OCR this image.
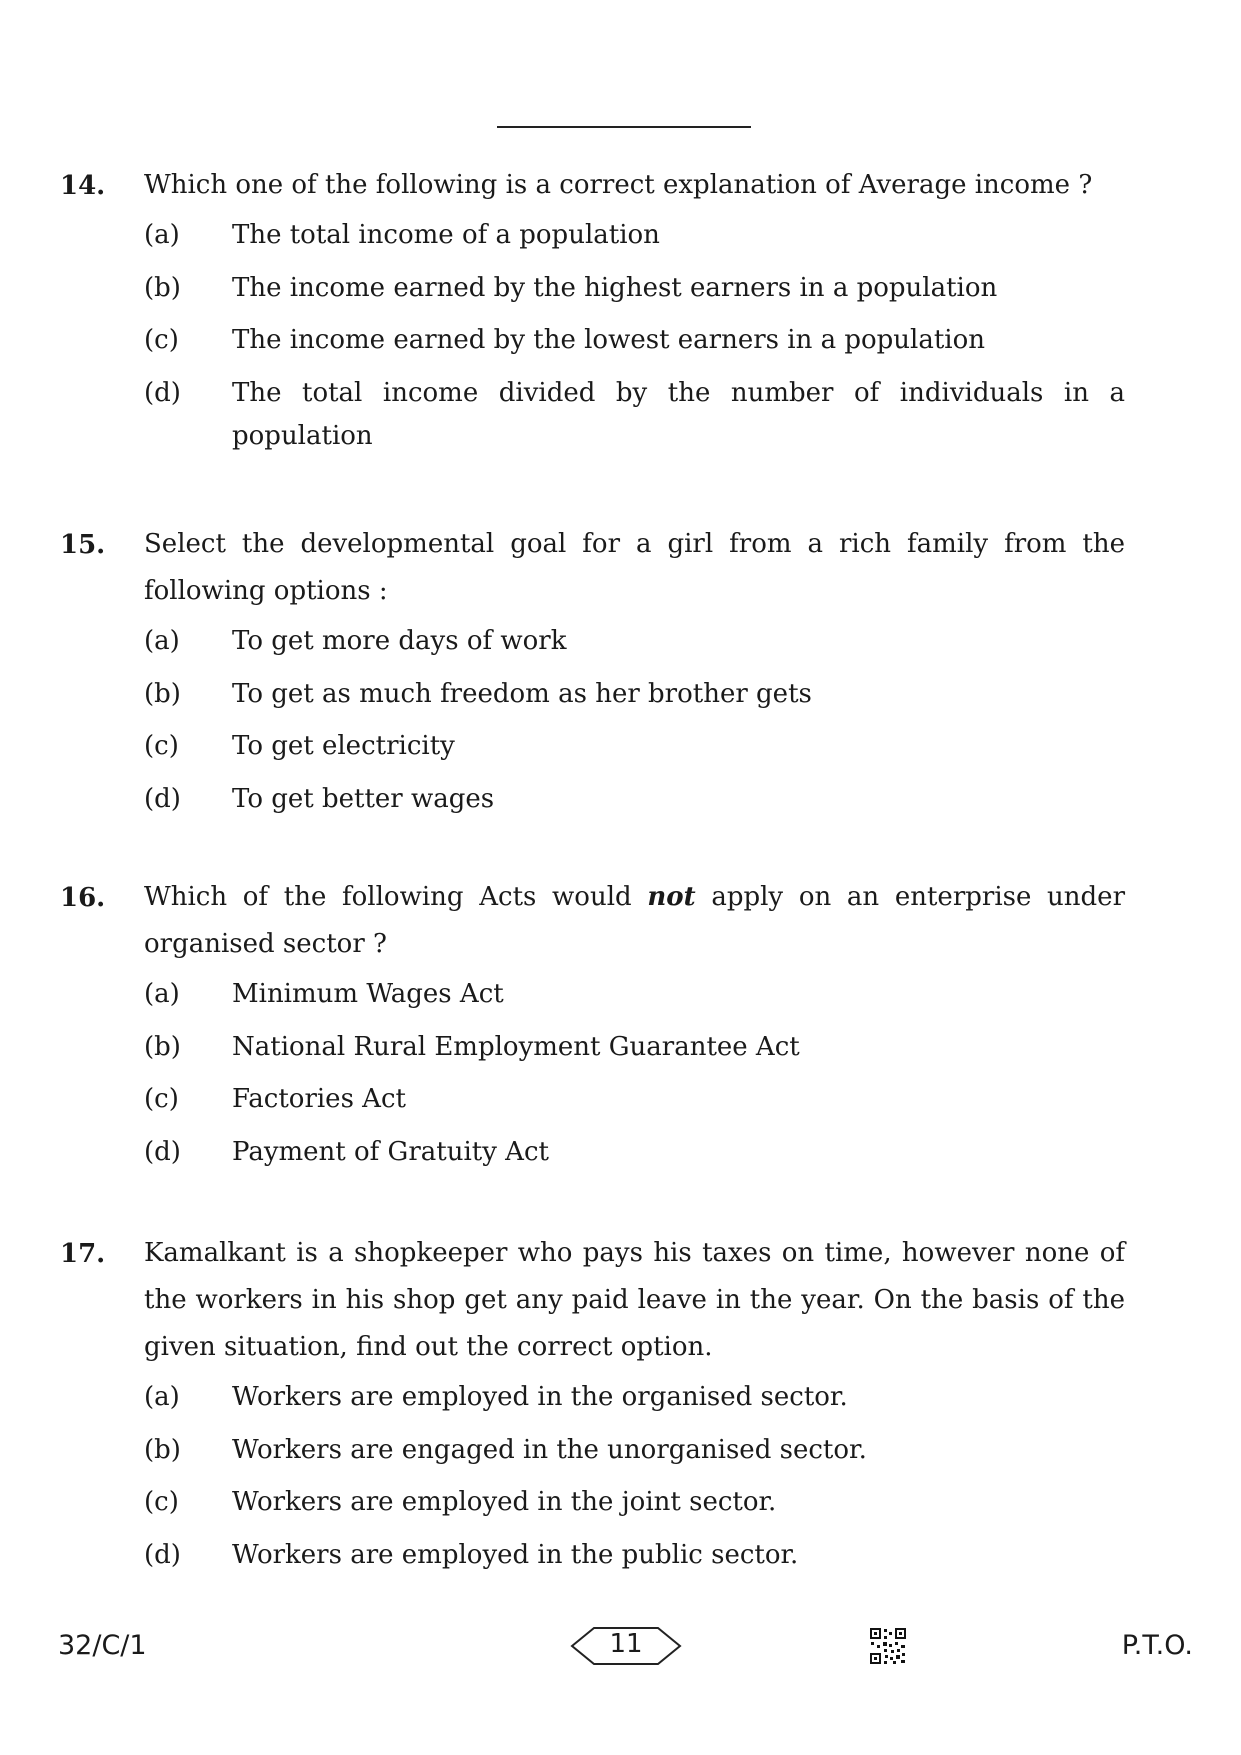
14. Which one of the following is a correct explanation of Average income ?
(a)	The total income of a population
(b)	The income earned by the highest earners in a population
(c)	The income earned by the lowest earners in a population
(d)	The total income divided by the number of individuals in a population
15. Select the developmental goal for a girl from a rich family from the following options :
(a)	To get more days of work
(b)	To get as much freedom as her brother gets
(c)	To get electricity
(d)	To get better wages
16. Which of the following Acts would not apply on an enterprise under organised sector ?
(a)	Minimum Wages Act
(b)	National Rural Employment Guarantee Act
(c)	Factories Act
(d)	Payment of Gratuity Act
17. Kamalkant is a shopkeeper who pays his taxes on time, however none of the workers in his shop get any paid leave in the year. On the basis of the given situation, find out the correct option.
(a)	Workers are employed in the organised sector.
(b)	Workers are engaged in the unorganised sector.
(c)	Workers are employed in the joint sector.
(d)	Workers are employed in the public sector.
32/C/1	11	P.T.O.
